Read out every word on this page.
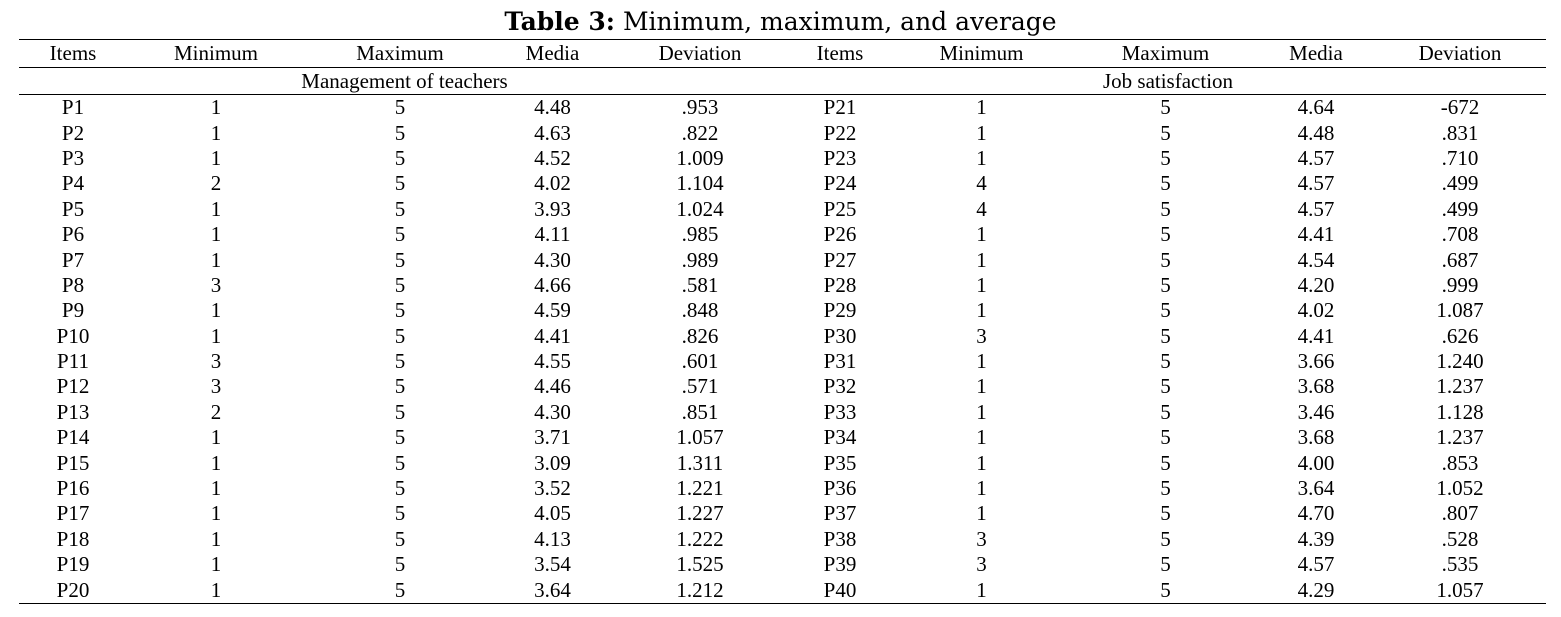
Table 3: Minimum, maximum, and average
Items	Minimum	Maximum	Media	Deviation	Items	Minimum	Maximum	Media	Deviation
Management of teachers					Job satisfaction				
P1	1	5	4.48	.953	P21	1	5	4.64	-672
P2	1	5	4.63	.822	P22	1	5	4.48	.831
P3	1	5	4.52	1.009	P23	1	5	4.57	.710
P4	2	5	4.02	1.104	P24	4	5	4.57	.499
P5	1	5	3.93	1.024	P25	4	5	4.57	.499
P6	1	5	4.11	.985	P26	1	5	4.41	.708
P7	1	5	4.30	.989	P27	1	5	4.54	.687
P8	3	5	4.66	.581	P28	1	5	4.20	.999
P9	1	5	4.59	.848	P29	1	5	4.02	1.087
P10	1	5	4.41	.826	P30	3	5	4.41	.626
P11	3	5	4.55	.601	P31	1	5	3.66	1.240
P12	3	5	4.46	.571	P32	1	5	3.68	1.237
P13	2	5	4.30	.851	P33	1	5	3.46	1.128
P14	1	5	3.71	1.057	P34	1	5	3.68	1.237
P15	1	5	3.09	1.311	P35	1	5	4.00	.853
P16	1	5	3.52	1.221	P36	1	5	3.64	1.052
P17	1	5	4.05	1.227	P37	1	5	4.70	.807
P18	1	5	4.13	1.222	P38	3	5	4.39	.528
P19	1	5	3.54	1.525	P39	3	5	4.57	.535
P20	1	5	3.64	1.212	P40	1	5	4.29	1.057
